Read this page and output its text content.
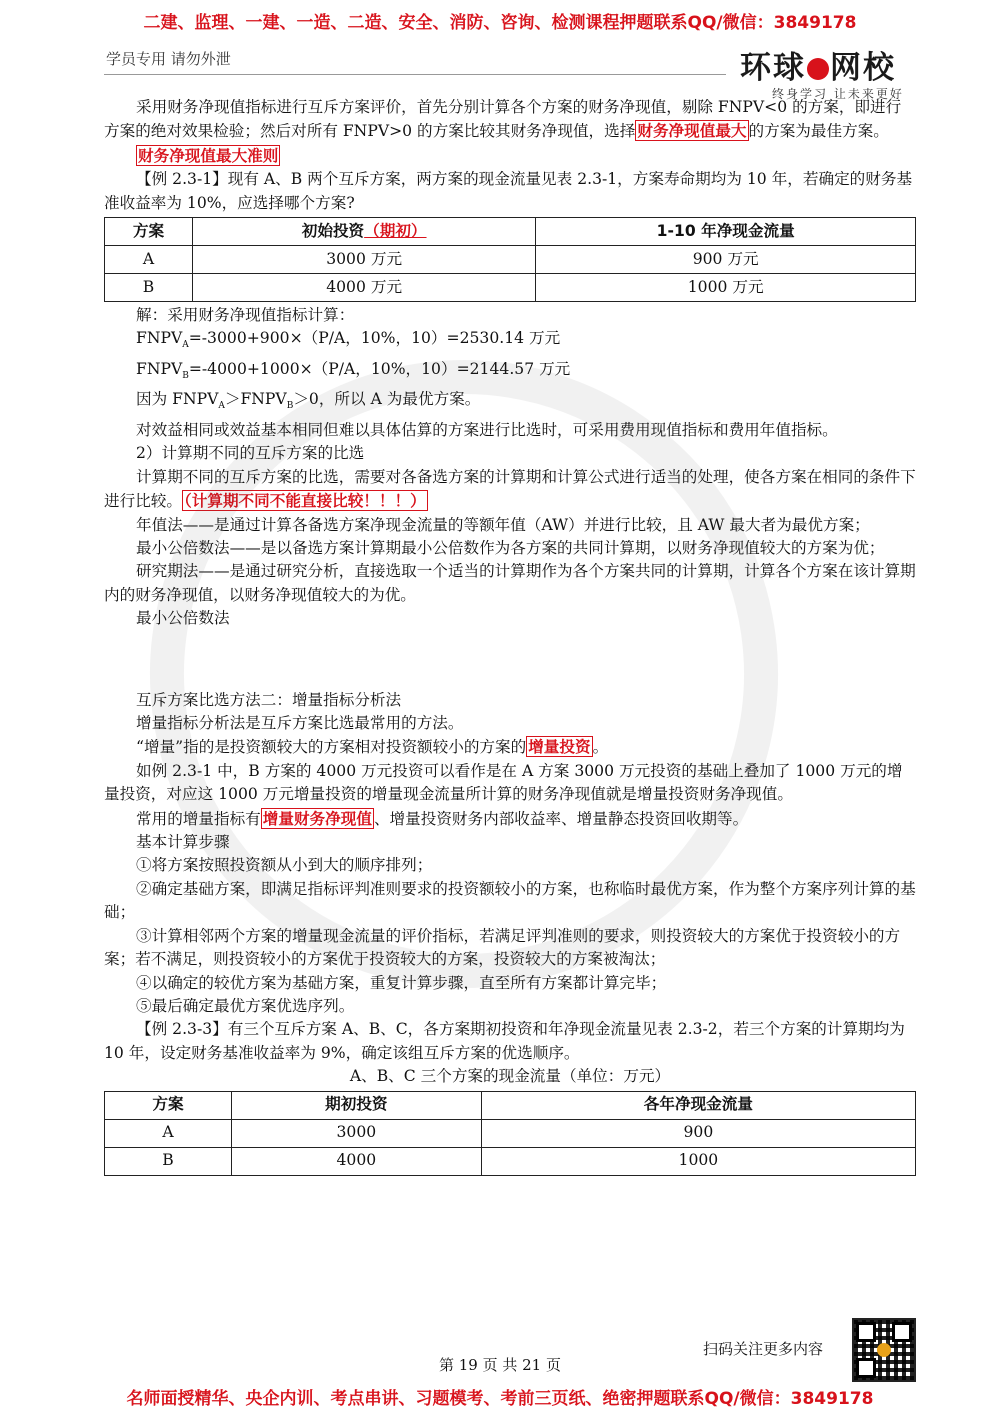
二建、监理、一建、一造、二造、安全、消防、咨询、检测课程押题联系QQ/微信：3849178
学员专用 请勿外泄	环球 网校
终身学习 让未来更好

采用财务净现值指标进行互斥方案评价，首先分别计算各个方案的财务净现值，剔除 FNPV<0 的方案，即进行方案的绝对效果检验；然后对所有 FNPV>0 的方案比较其财务净现值，选择 财务净现值最大 的方案为最佳方案。

财务净现值最大准则

【例 2.3-1】现有 A、B 两个互斥方案，两方案的现金流量见表 2.3-1，方案寿命期均为 10 年，若确定的财务基准收益率为 10%，应选择哪个方案?

方案	初始投资（期初）	1-10 年净现金流量
A	3000 万元	900 万元
B	4000 万元	1000 万元

解：采用财务净现值指标计算：

$FNPV_A=-3000+900\times(P/A$，10%，10）=2530.14 万元

$FNPV_B=-4000+1000\times(P/A$，10%，10）=2144.57 万元

因为 $FNPV_A>FNPV_B>0$，所以 A 为最优方案。

对效益相同或效益基本相同但难以具体估算的方案进行比选时，可采用费用现值指标和费用年值指标。

2）计算期不同的互斥方案的比选

计算期不同的互斥方案的比选，需要对各备选方案的计算期和计算公式进行适当的处理，使各方案在相同的条件下进行比较。 （计算期不同不能直接比较！！！）

年值法——是通过计算各备选方案净现金流量的等额年值（AW）并进行比较，且 AW 最大者为最优方案；

最小公倍数法——是以备选方案计算期最小公倍数作为各方案的共同计算期，以财务净现值较大的方案为优；

研究期法——是通过研究分析，直接选取一个适当的计算期作为各个方案共同的计算期，计算各个方案在该计算期内的财务净现值，以财务净现值较大的为优。

最小公倍数法

互斥方案比选方法二：增量指标分析法

增量指标分析法是互斥方案比选最常用的方法。

“增量”指的是投资额较大的方案相对投资额较小的方案的 增量投资 。

如例 2.3-1 中，B 方案的 4000 万元投资可以看作是在 A 方案 3000 万元投资的基础上叠加了 1000 万元的增量投资，对应这 1000 万元增量投资的增量现金流量所计算的财务净现值就是增量投资财务净现值。

常用的增量指标有 增量财务净现值 、增量投资财务内部收益率、增量静态投资回收期等。

基本计算步骤

①将方案按照投资额从小到大的顺序排列；

②确定基础方案，即满足指标评判准则要求的投资额较小的方案，也称临时最优方案，作为整个方案序列计算的基础；

③计算相邻两个方案的增量现金流量的评价指标，若满足评判准则的要求，则投资较大的方案优于投资较小的方案；若不满足，则投资较小的方案优于投资较大的方案，投资较大的方案被淘汰；

④以确定的较优方案为基础方案，重复计算步骤，直至所有方案都计算完毕；

⑤最后确定最优方案优选序列。

【例 2.3-3】有三个互斥方案 A、B、C，各方案期初投资和年净现金流量见表 2.3-2，若三个方案的计算期均为 10 年，设定财务基准收益率为 9%，确定该组互斥方案的优选顺序。

A、B、C 三个方案的现金流量（单位：万元）

方案	期初投资	各年净现金流量
A	3000	900
B	4000	1000
扫码关注更多内容
第 19 页 共 21 页
名师面授精华、央企内训、考点串讲、习题模考、考前三页纸、绝密押题联系QQ/微信：3849178
